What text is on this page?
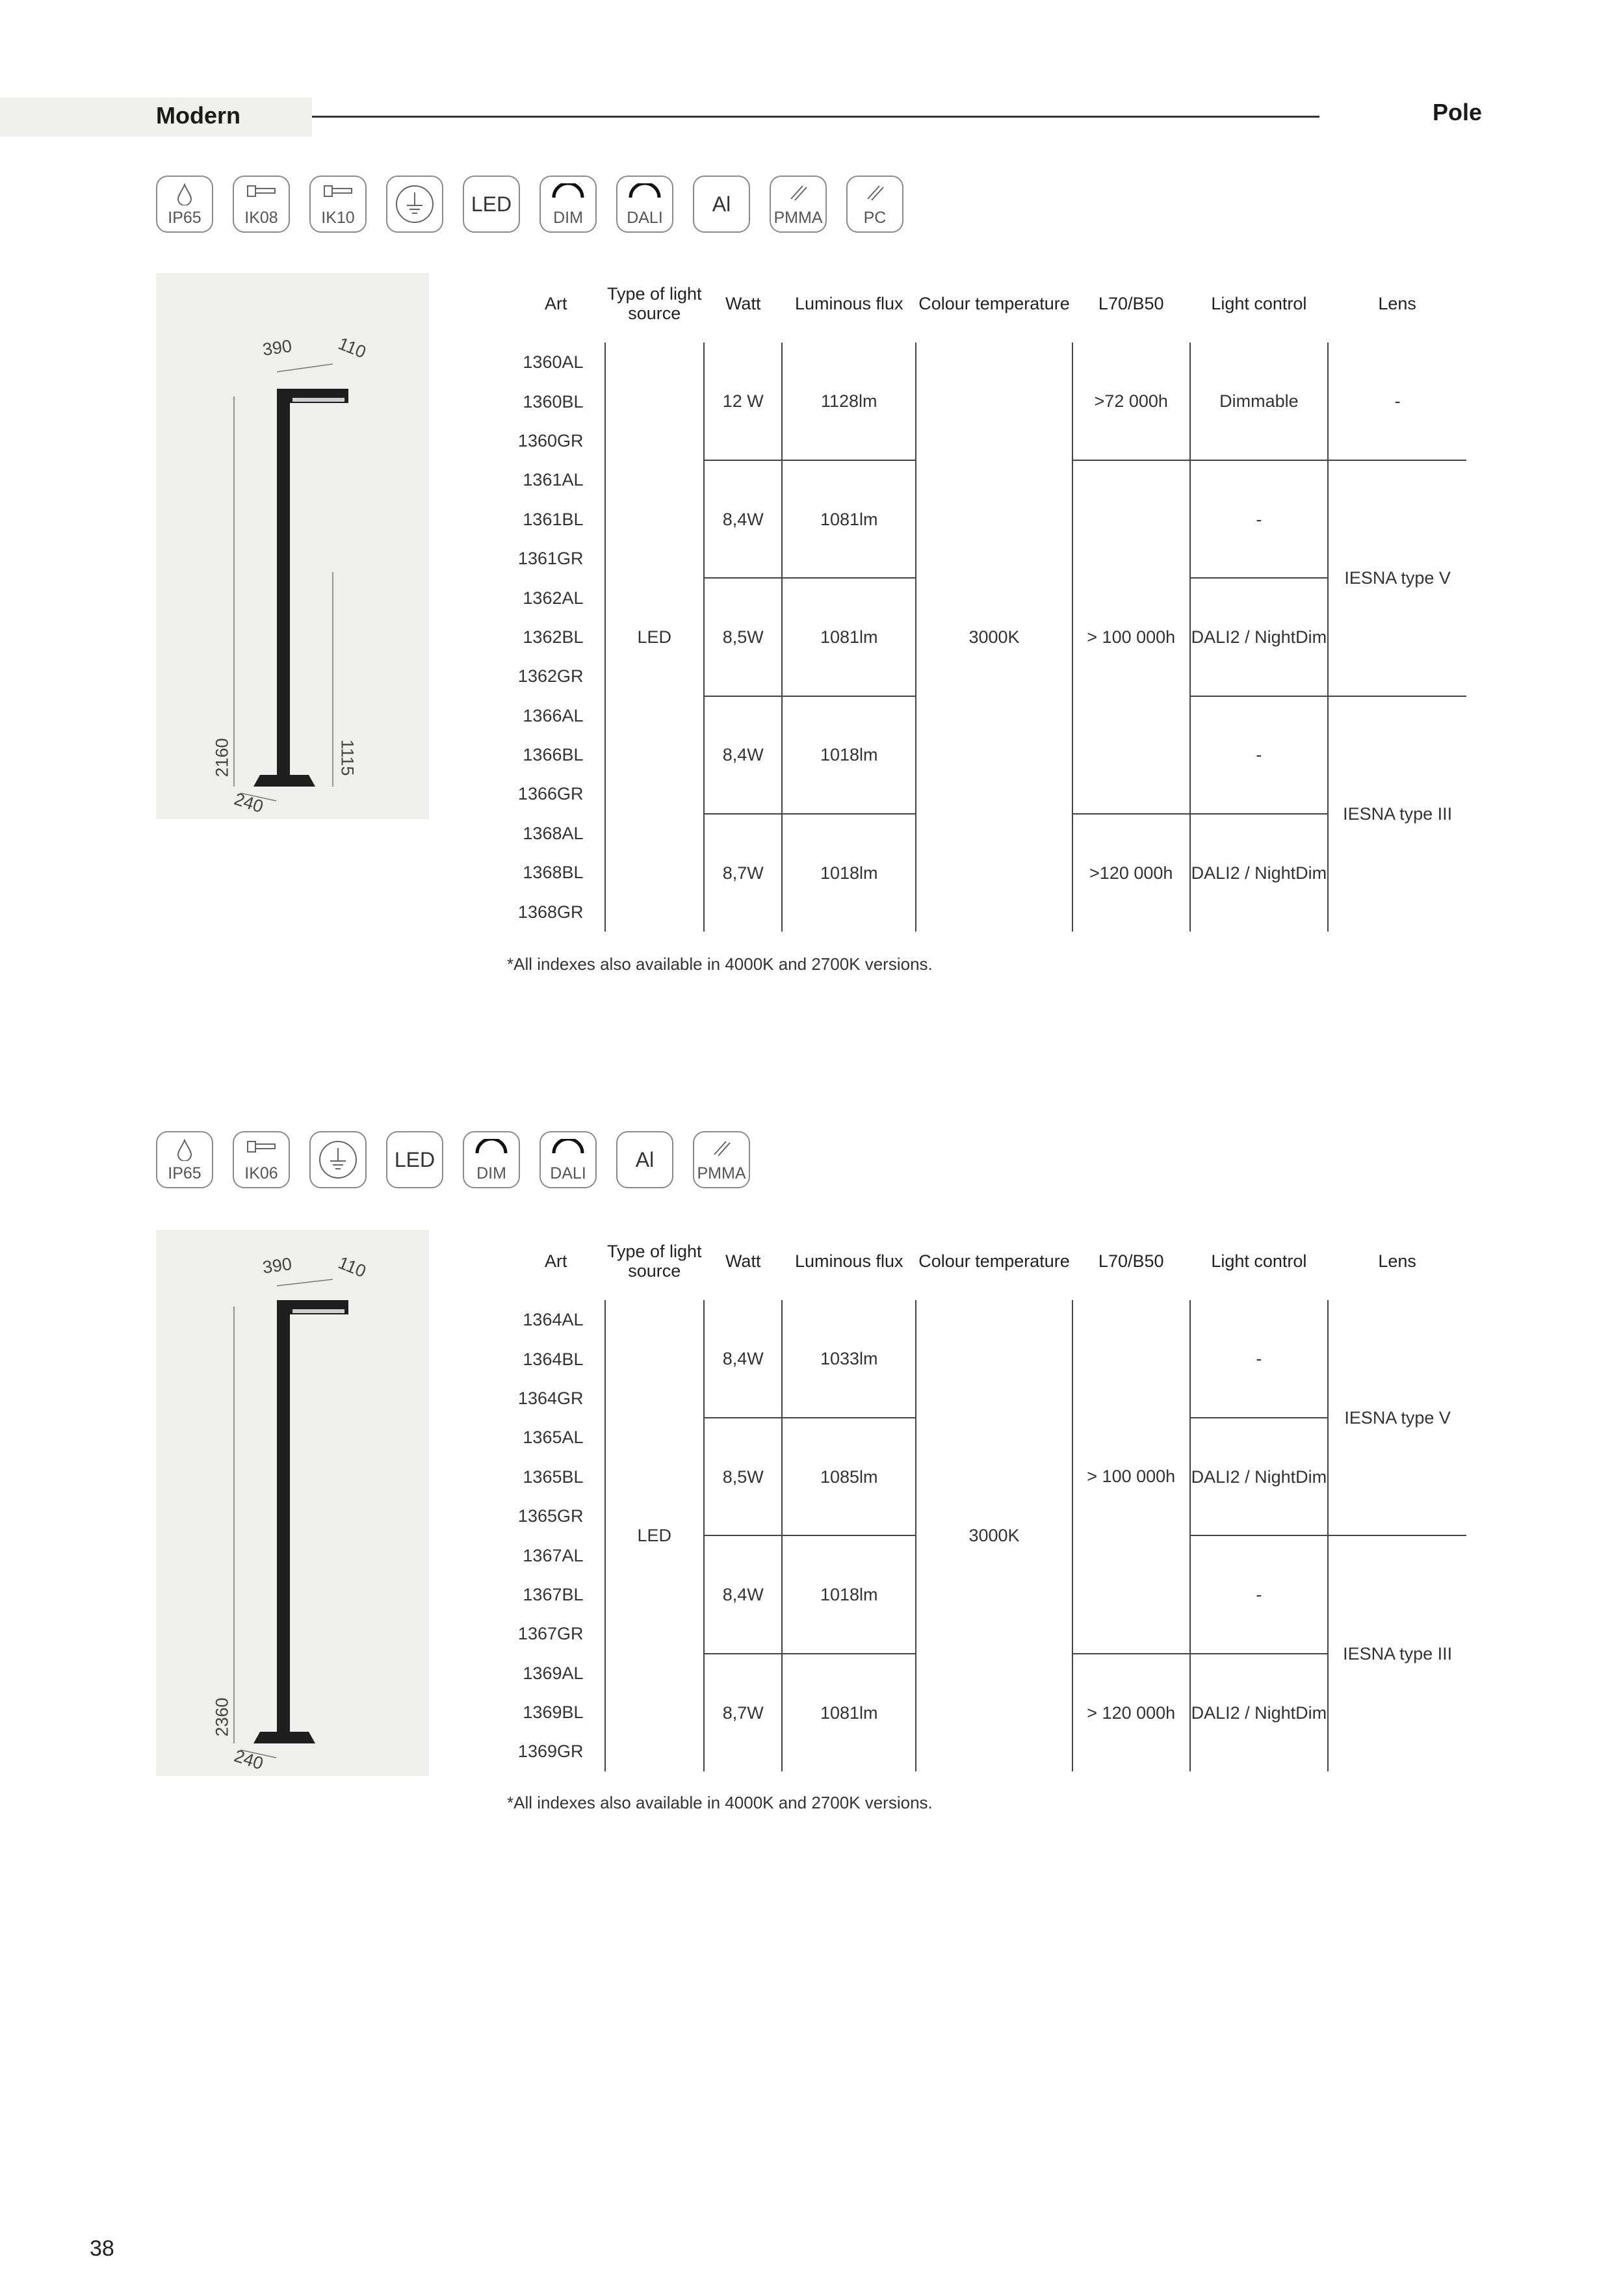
Modern	Pole
IP65	IK08	IK10
LED
DIM	DALI
Al
PMMA	PC
390 110
2160	1115
240
Art	Type of light source	Watt	Luminous flux	Colour temperature	L70/B50	Light control	Lens
1360AL	LED	12 W	1128lm	3000K	>72 000h	Dimmable	-
1360BL							
1360GR							
1361AL		8,4W	1081lm		> 100 000h	-	IESNA type V
1361BL							
1361GR							
1362AL		8,5W	1081lm			DALI2 / NightDim	
1362BL							
1362GR							
1366AL		8,4W	1018lm			-	IESNA type III
1366BL							
1366GR							
1368AL		8,7W	1018lm		>120 000h	DALI2 / NightDim	
1368BL							
1368GR							
*All indexes also available in 4000K and 2700K versions.
IP65	IK06
LED
DIM	DALI
Al
PMMA
390 110
2360
240
Art	Type of light source	Watt	Luminous flux	Colour temperature	L70/B50	Light control	Lens
1364AL	LED	8,4W	1033lm	3000K	> 100 000h	-	IESNA type V
1364BL							
1364GR							
1365AL		8,5W	1085lm			DALI2 / NightDim	
1365BL							
1365GR							
1367AL		8,4W	1018lm			-	IESNA type III
1367BL							
1367GR							
1369AL		8,7W	1081lm		> 120 000h	DALI2 / NightDim	
1369BL							
1369GR							
*All indexes also available in 4000K and 2700K versions.
38
